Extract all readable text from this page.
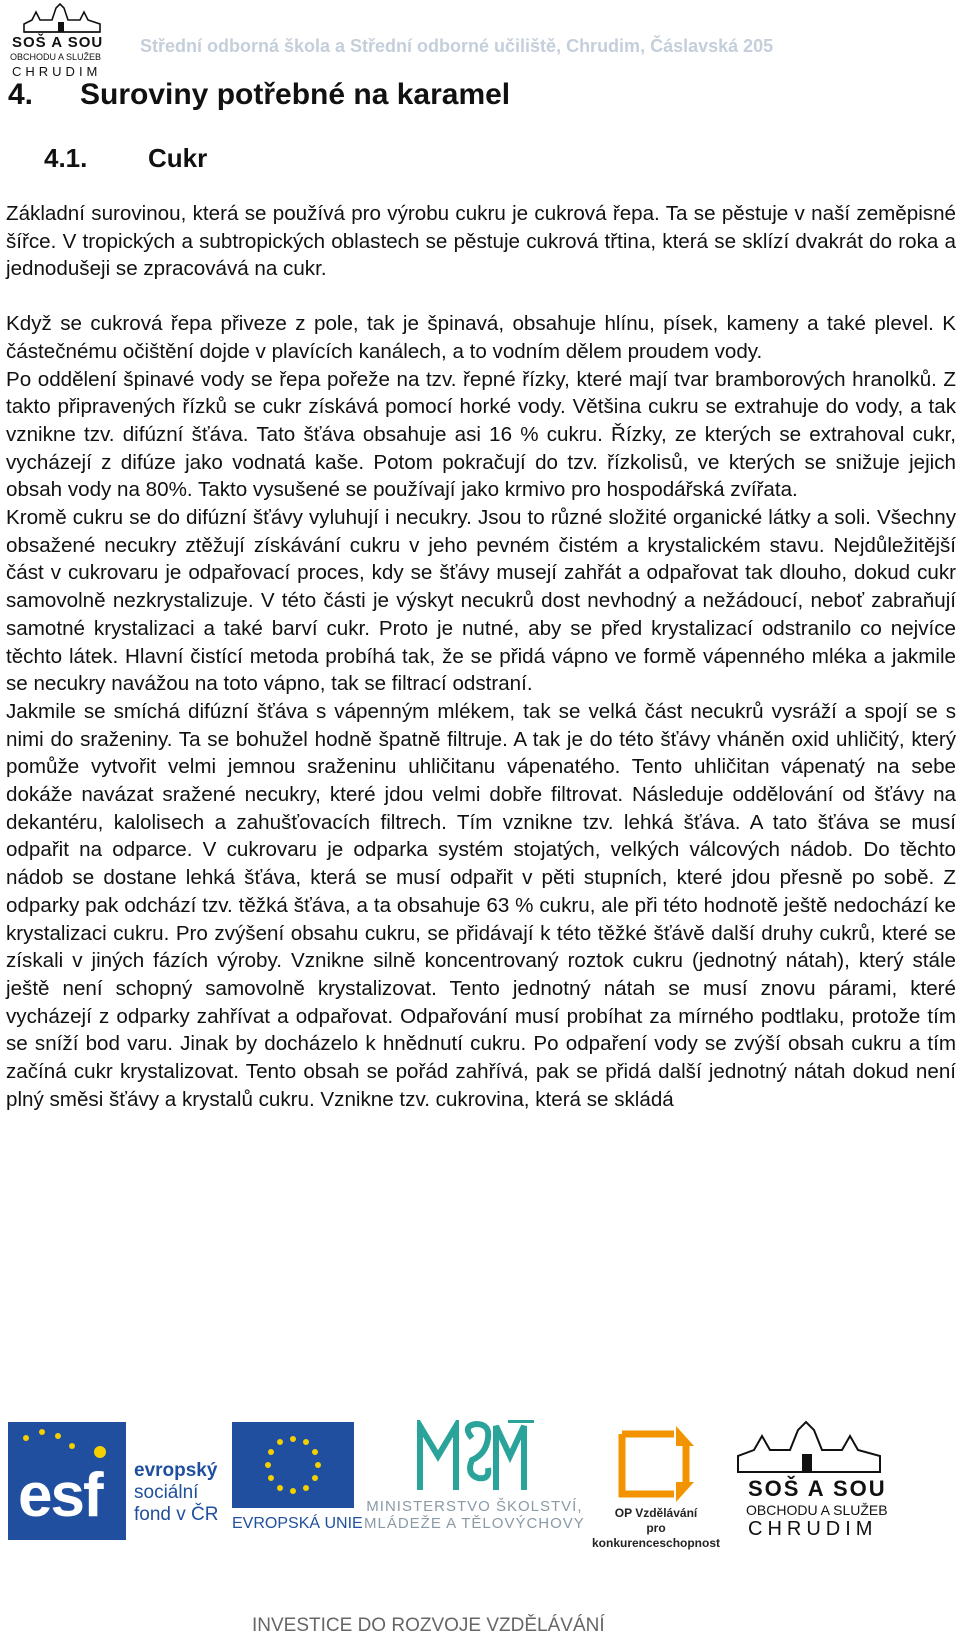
SOŠ A SOU
OBCHODU A SLUŽEB
CHRUDIM
Střední odborná škola a Střední odborné učiliště, Chrudim, Čáslavská 205
4. Suroviny potřebné na karamel
4.1. Cukr

Základní surovinou, která se používá pro výrobu cukru je cukrová řepa. Ta se pěstuje v naší zeměpisné šířce. V tropických a subtropických oblastech se pěstuje cukrová třtina, která se sklízí dvakrát do roka a jednodušeji se zpracovává na cukr.

Když se cukrová řepa přiveze z pole, tak je špinavá, obsahuje hlínu, písek, kameny a také plevel. K částečnému očištění dojde v plavících kanálech, a to vodním dělem proudem vody.

Po oddělení špinavé vody se řepa pořeže na tzv. řepné řízky, které mají tvar bramborových hranolků. Z takto připravených řízků se cukr získává pomocí horké vody. Většina cukru se extrahuje do vody, a tak vznikne tzv. difúzní šťáva. Tato šťáva obsahuje asi 16 % cukru. Řízky, ze kterých se extrahoval cukr, vycházejí z difúze jako vodnatá kaše. Potom pokračují do tzv. řízkolisů, ve kterých se snižuje jejich obsah vody na 80%. Takto vysušené se používají jako krmivo pro hospodářská zvířata.

Kromě cukru se do difúzní šťávy vyluhují i necukry. Jsou to různé složité organické látky a soli. Všechny obsažené necukry ztěžují získávání cukru v jeho pevném čistém a krystalickém stavu. Nejdůležitější část v cukrovaru je odpařovací proces, kdy se šťávy musejí zahřát a odpařovat tak dlouho, dokud cukr samovolně nezkrystalizuje. V této části je výskyt necukrů dost nevhodný a nežádoucí, neboť zabraňují samotné krystalizaci a také barví cukr. Proto je nutné, aby se před krystalizací odstranilo co nejvíce těchto látek. Hlavní čistící metoda probíhá tak, že se přidá vápno ve formě vápenného mléka a jakmile se necukry navážou na toto vápno, tak se filtrací odstraní.

Jakmile se smíchá difúzní šťáva s vápenným mlékem, tak se velká část necukrů vysráží a spojí se s nimi do sraženiny. Ta se bohužel hodně špatně filtruje. A tak je do této šťávy vháněn oxid uhličitý, který pomůže vytvořit velmi jemnou sraženinu uhličitanu vápenatého. Tento uhličitan vápenatý na sebe dokáže navázat sražené necukry, které jdou velmi dobře filtrovat. Následuje oddělování od šťávy na dekantéru, kalolisech a zahušťovacích filtrech. Tím vznikne tzv. lehká šťáva. A tato šťáva se musí odpařit na odparce. V cukrovaru je odparka systém stojatých, velkých válcových nádob. Do těchto nádob se dostane lehká šťáva, která se musí odpařit v pěti stupních, které jdou přesně po sobě. Z odparky pak odchází tzv. těžká šťáva, a ta obsahuje 63 % cukru, ale při této hodnotě ještě nedochází ke krystalizaci cukru. Pro zvýšení obsahu cukru, se přidávají k této těžké šťávě další druhy cukrů, které se získali v jiných fázích výroby. Vznikne silně koncentrovaný roztok cukru (jednotný nátah), který stále ještě není schopný samovolně krystalizovat. Tento jednotný nátah se musí znovu párami, které vycházejí z odparky zahřívat a odpařovat. Odpařování musí probíhat za mírného podtlaku, protože tím se sníží bod varu. Jinak by docházelo k hnědnutí cukru. Po odpaření vody se zvýší obsah cukru a tím začíná cukr krystalizovat. Tento obsah se pořád zahřívá, pak se přidá další jednotný nátah dokud není plný směsi šťávy a krystalů cukru. Vznikne tzv. cukrovina, která se skládá

esf evropský
sociální
fond v ČR EVROPSKÁ UNIE
MINISTERSTVO ŠKOLSTVÍ,
MLÁDEŽE A TĚLOVÝCHOVY
OP Vzdělávání
pro konkurenceschopnost
SOŠ A SOU
OBCHODU A SLUŽEB
CHRUDIM
INVESTICE DO ROZVOJE VZDĚLÁVÁNÍ
